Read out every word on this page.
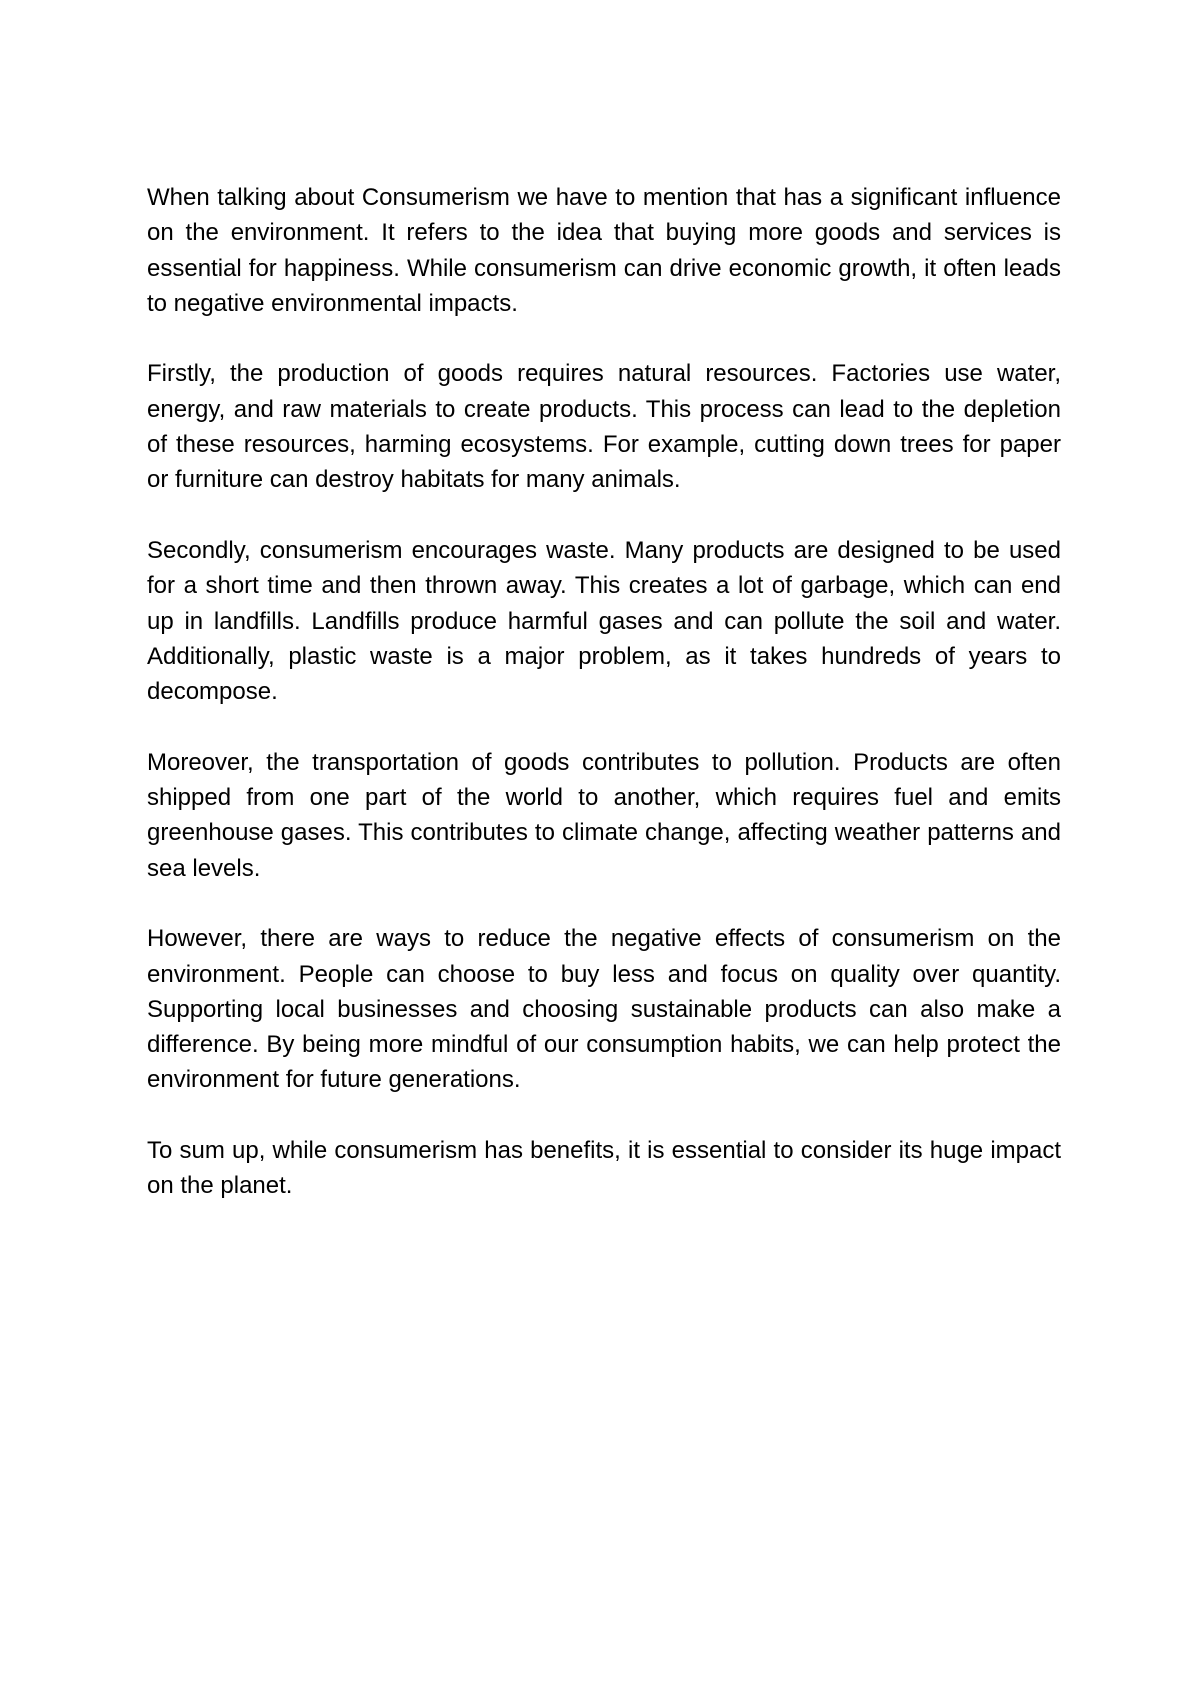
When talking about Consumerism we have to mention that has a significant influence on the environment. It refers to the idea that buying more goods and services is essential for happiness. While consumerism can drive economic growth, it often leads to negative environmental impacts.

Firstly, the production of goods requires natural resources. Factories use water, energy, and raw materials to create products. This process can lead to the depletion of these resources, harming ecosystems. For example, cutting down trees for paper or furniture can destroy habitats for many animals.

Secondly, consumerism encourages waste. Many products are designed to be used for a short time and then thrown away. This creates a lot of garbage, which can end up in landfills. Landfills produce harmful gases and can pollute the soil and water. Additionally, plastic waste is a major problem, as it takes hundreds of years to decompose.

Moreover, the transportation of goods contributes to pollution. Products are often shipped from one part of the world to another, which requires fuel and emits greenhouse gases. This contributes to climate change, affecting weather patterns and sea levels.

However, there are ways to reduce the negative effects of consumerism on the environment. People can choose to buy less and focus on quality over quantity. Supporting local businesses and choosing sustainable products can also make a difference. By being more mindful of our consumption habits, we can help protect the environment for future generations.

To sum up, while consumerism has benefits, it is essential to consider its huge impact on the planet.
